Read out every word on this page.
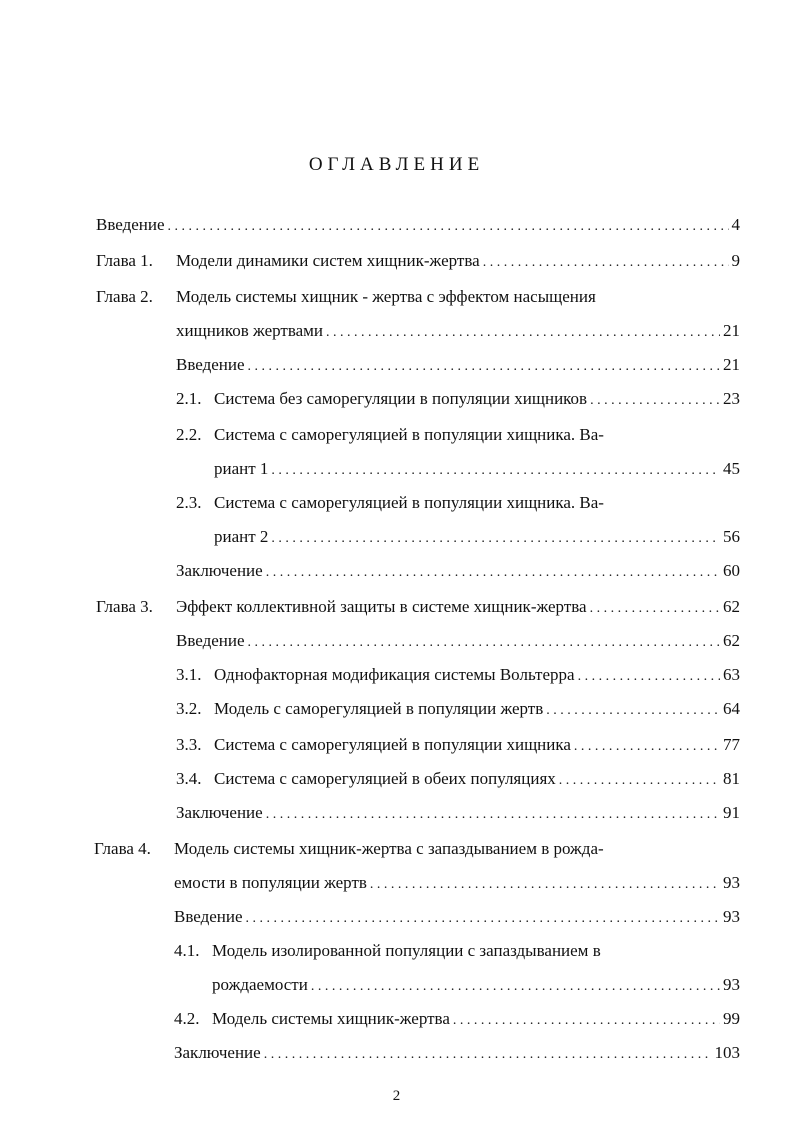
ОГЛАВЛЕНИЕ
Введение . . .	4
Глава 1. Модели динамики систем хищник-жертва . . .	9
Глава 2. Модель системы хищник - жертва с эффектом насыщения
хищников жертвами . . .	21
Введение . . .	21
2.1. Система без саморегуляции в популяции хищников . . .	23
2.2. Система с саморегуляцией в популяции хищника. Ва-
риант 1 . . .	45
2.3. Система с саморегуляцией в популяции хищника. Ва-
риант 2 . . .	56
Заключение . . .	60
Глава 3. Эффект коллективной защиты в системе хищник-жертва . . .	62
Введение . . .	62
3.1. Однофакторная модификация системы Вольтерра . . .	63
3.2. Модель с саморегуляцией в популяции жертв . . .	64
3.3. Система с саморегуляцией в популяции хищника . . .	77
3.4. Система с саморегуляцией в обеих популяциях . . .	81
Заключение . . .	91
Глава 4. Модель системы хищник-жертва с запаздыванием в рожда-
емости в популяции жертв . . .	93
Введение . . .	93
4.1. Модель изолированной популяции с запаздыванием в
рождаемости . . .	93
4.2. Модель системы хищник-жертва . . .	99
Заключение . . .	103
2
